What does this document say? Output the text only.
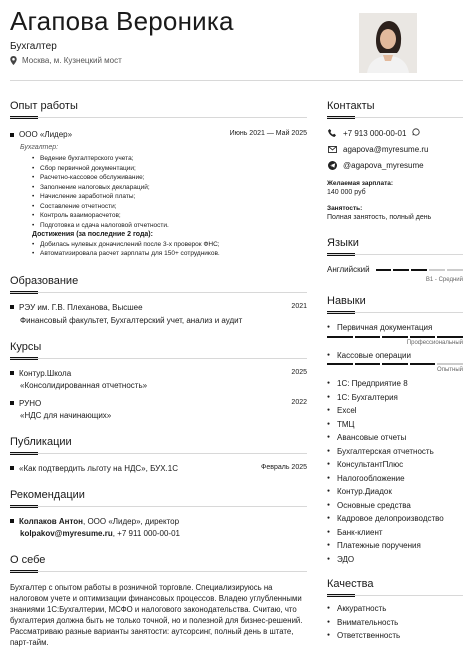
Агапова Вероника
Бухгалтер
Москва, м. Кузнецкий мост
Опыт работы
ООО «Лидер»	Июнь 2021 — Май 2025
Бухгалтер:
• Ведение бухгалтерского учета;
• Сбор первичной документации;
• Расчетно-кассовое обслуживание;
• Заполнение налоговых деклараций;
• Начисление заработной платы;
• Составление отчетности;
• Контроль взаиморасчетов;
• Подготовка и сдача налоговой отчетности.
Достижения (за последние 2 года):
• Добилась нулевых доначислений после 3-х проверок ФНС;
• Автоматизировала расчет зарплаты для 150+ сотрудников.
Образование
РЭУ им. Г.В. Плеханова, Высшее	2021
Финансовый факультет, Бухгалтерский учет, анализ и аудит
Курсы
Контур.Школа	2025
«Консолидированная отчетность»
РУНО	2022
«НДС для начинающих»
Публикации
«Как подтвердить льготу на НДС», БУХ.1С	Февраль 2025
Рекомендации
Колпаков Антон, ООО «Лидер», директор
kolpakov@myresume.ru, +7 911 000-00-01
О себе
Бухгалтер с опытом работы в розничной торговле. Специализируюсь на налоговом учете и оптимизации финансовых процессов. Владею углубленными знаниями 1С:Бухгалтерии, МСФО и налогового законодательства. Считаю, что бухгалтерия должна быть не только точной, но и полезной для бизнес-решений. Рассматриваю разные варианты занятости: аутсорсинг, полный день в штате, парт-тайм.
Контакты
+7 913 000-00-01
agapova@myresume.ru
@agapova_myresume
Желаемая зарплата:
140 000 руб
Занятость:
Полная занятость, полный день
Языки
Английский
B1 - Средний
Навыки
● Первичная документация
Профессиональный
● Кассовые операции
Опытный
● 1С: Предприятие 8
● 1С: Бухгалтерия
● Excel
● ТМЦ
● Авансовые отчеты
● Бухгалтерская отчетность
● КонсультантПлюс
● Налогообложение
● Контур.Диадок
● Основные средства
● Кадровое делопроизводство
● Банк-клиент
● Платежные поручения
● ЭДО
Качества
● Аккуратность
● Внимательность
● Ответственность
